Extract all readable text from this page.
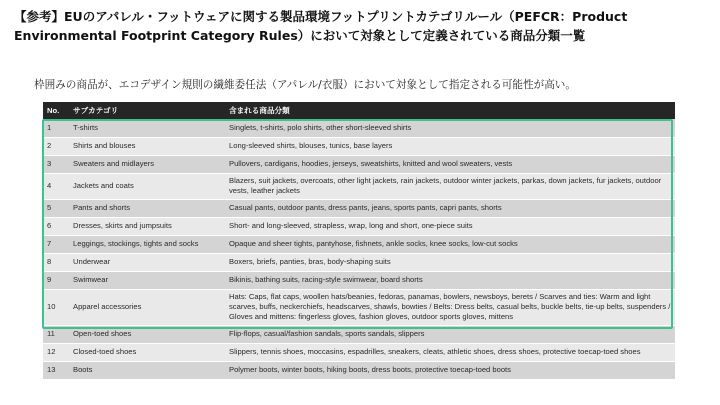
【参考】EUのアパレル・フットウェアに関する製品環境フットプリントカテゴリルール（PEFCR：Product Environmental Footprint Category Rules）において対象として定義されている商品分類一覧
枠囲みの商品が、エコデザイン規則の繊維委任法（アパレル/衣服）において対象として指定される可能性が高い。
No.	サブカテゴリ	含まれる商品分類
1	T-shirts	Singlets, t-shirts, polo shirts, other short-sleeved shirts
2	Shirts and blouses	Long-sleeved shirts, blouses, tunics, base layers
3	Sweaters and midlayers	Pullovers, cardigans, hoodies, jerseys, sweatshirts, knitted and wool sweaters, vests
4	Jackets and coats	Blazers, suit jackets, overcoats, other light jackets, rain jackets, outdoor winter jackets, parkas, down jackets, fur jackets, outdoor vests, leather jackets
5	Pants and shorts	Casual pants, outdoor pants, dress pants, jeans, sports pants, capri pants, shorts
6	Dresses, skirts and jumpsuits	Short- and long-sleeved, strapless, wrap, long and short, one-piece suits
7	Leggings, stockings, tights and socks	Opaque and sheer tights, pantyhose, fishnets, ankle socks, knee socks, low-cut socks
8	Underwear	Boxers, briefs, panties, bras, body-shaping suits
9	Swimwear	Bikinis, bathing suits, racing-style swimwear, board shorts
10	Apparel accessories	Hats: Caps, flat caps, woollen hats/beanies, fedoras, panamas, bowlers, newsboys, berets / Scarves and ties: Warm and light scarves, buffs, neckerchiefs, headscarves, shawls, bowties / Belts: Dress belts, casual belts, buckle belts, tie-up belts, suspenders / Gloves and mittens: fingerless gloves, fashion gloves, outdoor sports gloves, mittens
11	Open-toed shoes	Flip-flops, casual/fashion sandals, sports sandals, slippers
12	Closed-toed shoes	Slippers, tennis shoes, moccasins, espadrilles, sneakers, cleats, athletic shoes, dress shoes, protective toecap-toed shoes
13	Boots	Polymer boots, winter boots, hiking boots, dress boots, protective toecap-toed boots
